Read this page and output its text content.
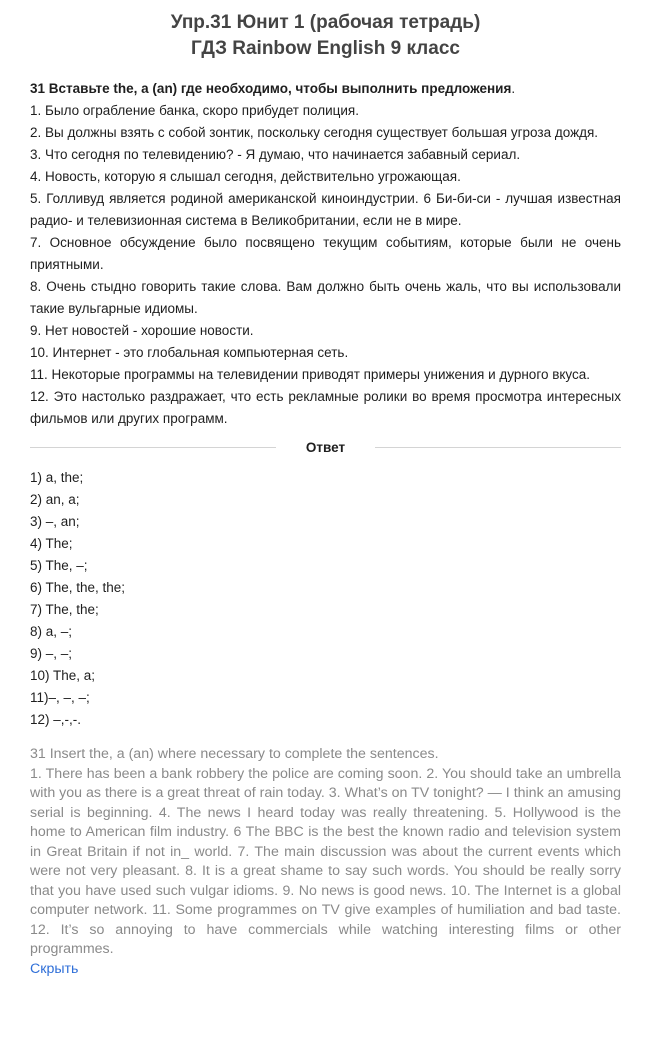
Упр.31 Юнит 1 (рабочая тетрадь)
ГДЗ Rainbow English 9 класс
31 Вставьте the, a (an) где необходимо, чтобы выполнить предложения.
1. Было ограбление банка, скоро прибудет полиция.
2. Вы должны взять с собой зонтик, поскольку сегодня существует большая угроза дождя.
3. Что сегодня по телевидению? - Я думаю, что начинается забавный сериал.
4. Новость, которую я слышал сегодня, действительно угрожающая.
5. Голливуд является родиной американской киноиндустрии. 6 Би-би-си - лучшая известная радио- и телевизионная система в Великобритании, если не в мире.
7. Основное обсуждение было посвящено текущим событиям, которые были не очень приятными.
8. Очень стыдно говорить такие слова. Вам должно быть очень жаль, что вы использовали такие вульгарные идиомы.
9. Нет новостей - хорошие новости.
10. Интернет - это глобальная компьютерная сеть.
11. Некоторые программы на телевидении приводят примеры унижения и дурного вкуса.
12. Это настолько раздражает, что есть рекламные ролики во время просмотра интересных фильмов или других программ.
Ответ
1) a, the;
2) an, a;
3) –, an;
4) The;
5) The, –;
6) The, the, the;
7) The, the;
8) a, –;
9) –, –;
10) The, a;
11)–, –, –;
12) –,-,-.
31 Insert the, a (an) where necessary to complete the sentences.
1. There has been a bank robbery the police are coming soon. 2. You should take an umbrella with you as there is a great threat of rain today. 3. What’s on TV tonight? — I think an amusing serial is beginning. 4. The news I heard today was really threatening. 5. Hollywood is the home to American film industry. 6 The BBC is the best the known radio and television system in Great Britain if not in_ world. 7. The main discussion was about the current events which were not very pleasant. 8. It is a great shame to say such words. You should be really sorry that you have used such vulgar idioms. 9. No news is good news. 10. The Internet is a global computer network. 11. Some programmes on TV give examples of humiliation and bad taste. 12. It’s so annoying to have commercials while watching interesting films or other programmes.
Скрыть
